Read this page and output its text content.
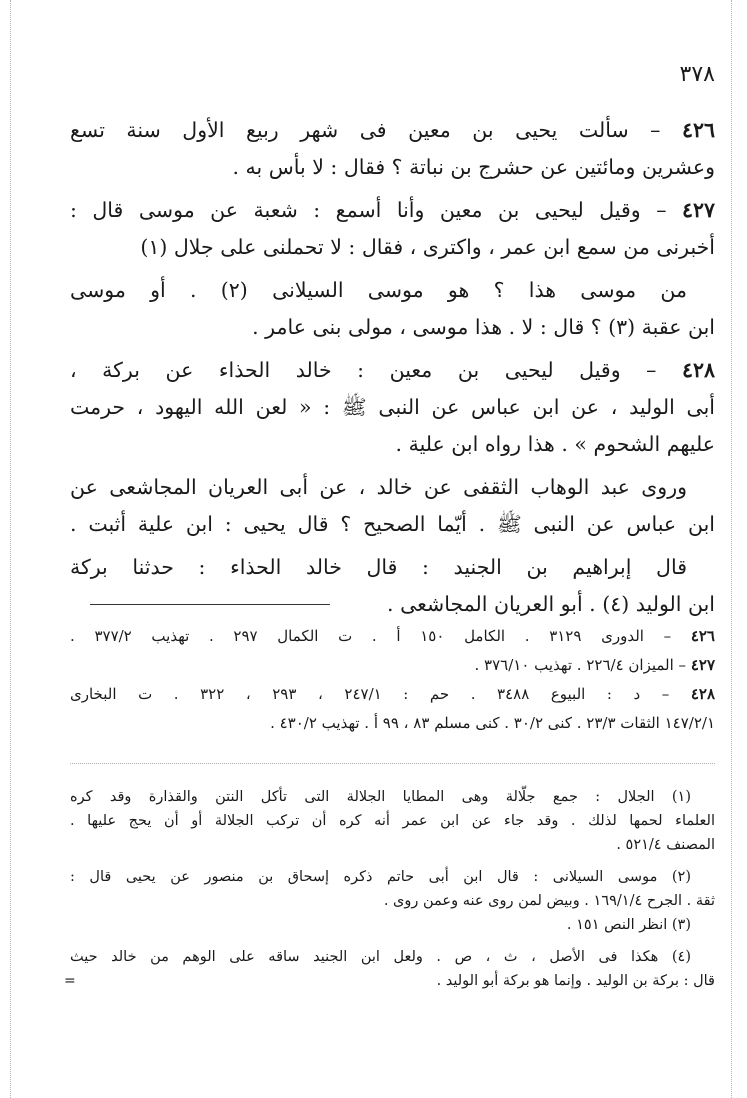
٣٧٨
٤٢٦ – سألت يحيى بن معين فى شهر ربيع الأول سنة تسع
وعشرين ومائتين عن حشرج بن نباتة ؟ فقال : لا بأس به .
٤٢٧ – وقيل ليحيى بن معين وأنا أسمع : شعبة عن موسى قال :
أخبرنى من سمع ابن عمر ، واكترى ، فقال : لا تحملنى على جلال (١)
من موسى هذا ؟ هو موسى السيلانى (٢) . أو موسى
ابن عقبة (٣) ؟ قال : لا . هذا موسى ، مولى بنى عامر .
٤٢٨ – وقيل ليحيى بن معين : خالد الحذاء عن بركة ،
أبى الوليد ، عن ابن عباس عن النبى ﷺ : « لعن الله اليهود ، حرمت
عليهم الشحوم » . هذا رواه ابن علية .
وروى عبد الوهاب الثقفى عن خالد ، عن أبى العريان المجاشعى عن
ابن عباس عن النبى ﷺ . أيّما الصحيح ؟ قال يحيى : ابن علية أثبت .
قال إبراهيم بن الجنيد : قال خالد الحذاء : حدثنا بركة
ابن الوليد (٤) . أبو العريان المجاشعى .
٤٢٦ – الدورى ٣١٢٩ . الكامل ١٥٠ أ . ت الكمال ٢٩٧ . تهذيب ٣٧٧/٢ .
٤٢٧ – الميزان ٢٢٦/٤ . تهذيب ٣٧٦/١٠ .
٤٢٨ – د : البيوع ٣٤٨٨ . حم : ٢٤٧/١ ، ٢٩٣ ، ٣٢٢ . ت البخارى
١٤٧/٢/١ الثقات ٢٣/٣ . كنى ٣٠/٢ . كنى مسلم ٨٣ ، ٩٩ أ . تهذيب ٤٣٠/٢ .
(١) الجلال : جمع جلّالة وهى المطايا الجلالة التى تأكل النتن والقذارة وقد كره
العلماء لحمها لذلك . وقد جاء عن ابن عمر أنه كره أن تركب الجلالة أو أن يحج عليها .
المصنف ٥٢١/٤ .
(٢) موسى السيلانى : قال ابن أبى حاتم ذكره إسحاق بن منصور عن يحيى قال :
ثقة . الجرح ١٦٩/١/٤ . وبيض لمن روى عنه وعمن روى .
(٣) انظر النص ١٥١ .
(٤) هكذا فى الأصل ، ث ، ص . ولعل ابن الجنيد ساقه على الوهم من خالد حيث
قال : بركة بن الوليد . وإنما هو بركة أبو الوليد .
=
